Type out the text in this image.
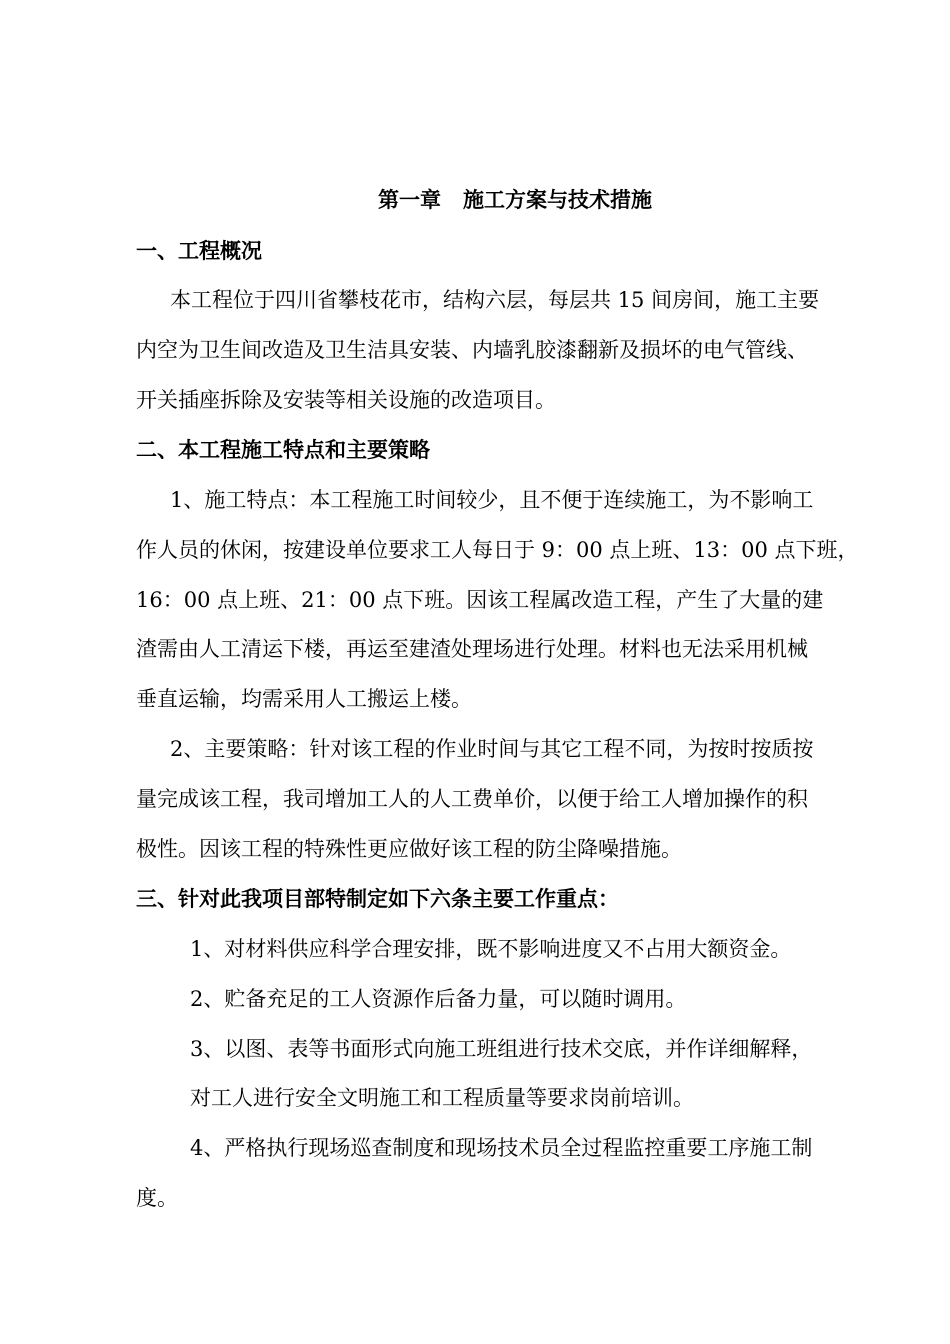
第一章 施工方案与技术措施
一、工程概况
本工程位于四川省攀枝花市，结构六层，每层共 15 间房间，施工主要
内空为卫生间改造及卫生洁具安装、内墙乳胶漆翻新及损坏的电气管线、
开关插座拆除及安装等相关设施的改造项目。
二、本工程施工特点和主要策略
1、施工特点：本工程施工时间较少，且不便于连续施工，为不影响工
作人员的休闲，按建设单位要求工人每日于 9：00 点上班、13：00 点下班，
16：00 点上班、21：00 点下班。因该工程属改造工程，产生了大量的建
渣需由人工清运下楼，再运至建渣处理场进行处理。材料也无法采用机械
垂直运输，均需采用人工搬运上楼。
2、主要策略：针对该工程的作业时间与其它工程不同，为按时按质按
量完成该工程，我司增加工人的人工费单价，以便于给工人增加操作的积
极性。因该工程的特殊性更应做好该工程的防尘降噪措施。
三、针对此我项目部特制定如下六条主要工作重点：
1、对材料供应科学合理安排，既不影响进度又不占用大额资金。
2、贮备充足的工人资源作后备力量，可以随时调用。
3、以图、表等书面形式向施工班组进行技术交底，并作详细解释，
对工人进行安全文明施工和工程质量等要求岗前培训。
4、严格执行现场巡查制度和现场技术员全过程监控重要工序施工制
度。
